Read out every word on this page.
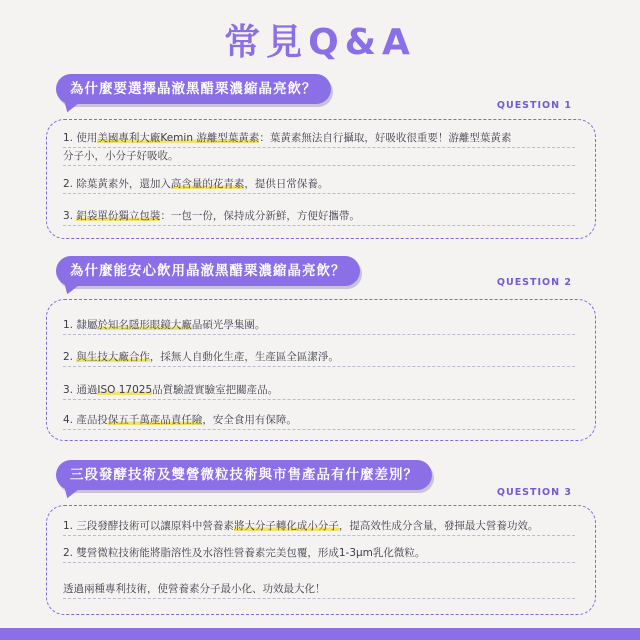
常見Q&A
為什麼要選擇晶澈黑醋栗濃縮晶亮飲？
QUESTION 1
1. 使用美國專利大廠Kemin 游離型葉黃素：葉黃素無法自行攝取，好吸收很重要！游離型葉黃素
分子小，小分子好吸收。
2. 除葉黃素外，還加入高含量的花青素，提供日常保養。
3. 鋁袋單份獨立包裝：一包一份，保持成分新鮮，方便好攜帶。
為什麼能安心飲用晶澈黑醋栗濃縮晶亮飲？
QUESTION 2
1. 隸屬於知名隱形眼鏡大廠晶碩光學集團。
2. 與生技大廠合作，採無人自動化生產，生產區全區潔淨。
3. 通過ISO 17025品質驗證實驗室把關產品。
4. 產品投保五千萬產品責任險，安全食用有保障。
三段發酵技術及雙營微粒技術與市售產品有什麼差別？
QUESTION 3
1. 三段發酵技術可以讓原料中營養素將大分子轉化成小分子，提高效性成分含量，發揮最大營養功效。
2. 雙營微粒技術能將脂溶性及水溶性營養素完美包覆，形成1-3μm乳化微粒。
透過兩種專利技術，使營養素分子最小化、功效最大化！
